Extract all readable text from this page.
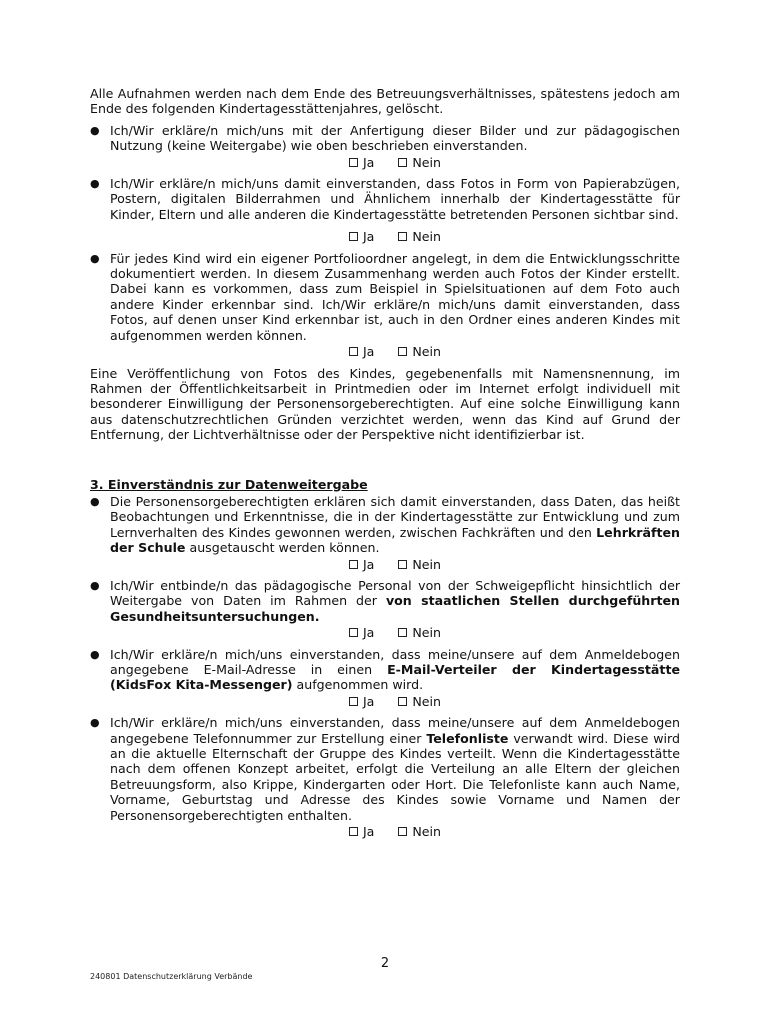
Alle Aufnahmen werden nach dem Ende des Betreuungsverhältnisses, spätestens jedoch am Ende des folgenden Kindertagesstättenjahres, gelöscht.

● Ich/Wir erkläre/n mich/uns mit der Anfertigung dieser Bilder und zur pädagogischen Nutzung (keine Weitergabe) wie oben beschrieben einverstanden.

Ja	Nein
● Ich/Wir erkläre/n mich/uns damit einverstanden, dass Fotos in Form von Papierabzügen, Postern, digitalen Bilderrahmen und Ähnlichem innerhalb der Kindertagesstätte für Kinder, Eltern und alle anderen die Kindertagesstätte betretenden Personen sichtbar sind.

Ja	Nein
● Für jedes Kind wird ein eigener Portfolioordner angelegt, in dem die Entwicklungsschritte dokumentiert werden. In diesem Zusammenhang werden auch Fotos der Kinder erstellt. Dabei kann es vorkommen, dass zum Beispiel in Spielsituationen auf dem Foto auch andere Kinder erkennbar sind. Ich/Wir erkläre/n mich/uns damit einverstanden, dass Fotos, auf denen unser Kind erkennbar ist, auch in den Ordner eines anderen Kindes mit aufgenommen werden können.

Ja	Nein

Eine Veröffentlichung von Fotos des Kindes, gegebenenfalls mit Namensnennung, im Rahmen der Öffentlichkeitsarbeit in Printmedien oder im Internet erfolgt individuell mit besonderer Einwilligung der Personensorgeberechtigten. Auf eine solche Einwilligung kann aus datenschutzrechtlichen Gründen verzichtet werden, wenn das Kind auf Grund der Entfernung, der Lichtverhältnisse oder der Perspektive nicht identifizierbar ist.

3. Einverständnis zur Datenweitergabe

● Die Personensorgeberechtigten erklären sich damit einverstanden, dass Daten, das heißt Beobachtungen und Erkenntnisse, die in der Kindertagesstätte zur Entwicklung und zum Lernverhalten des Kindes gewonnen werden, zwischen Fachkräften und den Lehrkräften der Schule ausgetauscht werden können.

Ja	Nein
● Ich/Wir entbinde/n das pädagogische Personal von der Schweigepflicht hinsichtlich der Weitergabe von Daten im Rahmen der von staatlichen Stellen durchgeführten Gesundheitsuntersuchungen.

Ja	Nein
● Ich/Wir erkläre/n mich/uns einverstanden, dass meine/unsere auf dem Anmeldebogen angegebene E-Mail-Adresse in einen E-Mail-Verteiler der Kindertagesstätte (KidsFox Kita-Messenger) aufgenommen wird.

Ja	Nein
● Ich/Wir erkläre/n mich/uns einverstanden, dass meine/unsere auf dem Anmeldebogen angegebene Telefonnummer zur Erstellung einer Telefonliste verwandt wird. Diese wird an die aktuelle Elternschaft der Gruppe des Kindes verteilt. Wenn die Kindertagesstätte nach dem offenen Konzept arbeitet, erfolgt die Verteilung an alle Eltern der gleichen Betreuungsform, also Krippe, Kindergarten oder Hort. Die Telefonliste kann auch Name, Vorname, Geburtstag und Adresse des Kindes sowie Vorname und Namen der Personensorgeberechtigten enthalten.

Ja	Nein
2
240801 Datenschutzerklärung Verbände
